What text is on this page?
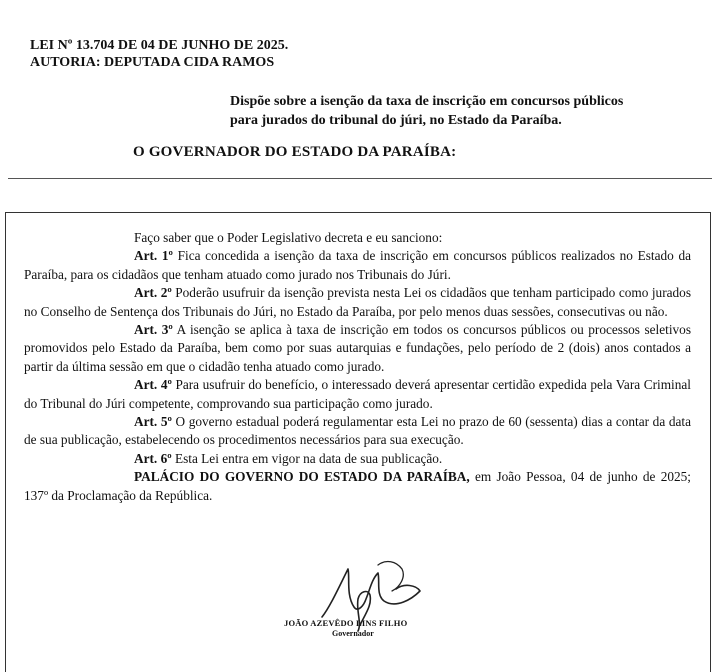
LEI Nº 13.704 DE 04 DE JUNHO DE 2025.
AUTORIA: DEPUTADA CIDA RAMOS
Dispõe sobre a isenção da taxa de inscrição em concursos públicos
para jurados do tribunal do júri, no Estado da Paraíba.
O GOVERNADOR DO ESTADO DA PARAÍBA:

Faço saber que o Poder Legislativo decreta e eu sanciono:

Art. 1º Fica concedida a isenção da taxa de inscrição em concursos públicos realizados no Estado da Paraíba, para os cidadãos que tenham atuado como jurado nos Tribunais do Júri.

Art. 2º Poderão usufruir da isenção prevista nesta Lei os cidadãos que tenham participado como jurados no Conselho de Sentença dos Tribunais do Júri, no Estado da Paraíba, por pelo menos duas sessões, consecutivas ou não.

Art. 3º A isenção se aplica à taxa de inscrição em todos os concursos públicos ou processos seletivos promovidos pelo Estado da Paraíba, bem como por suas autarquias e fundações, pelo período de 2 (dois) anos contados a partir da última sessão em que o cidadão tenha atuado como jurado.

Art. 4º Para usufruir do benefício, o interessado deverá apresentar certidão expedida pela Vara Criminal do Tribunal do Júri competente, comprovando sua participação como jurado.

Art. 5º O governo estadual poderá regulamentar esta Lei no prazo de 60 (sessenta) dias a contar da data de sua publicação, estabelecendo os procedimentos necessários para sua execução.

Art. 6º Esta Lei entra em vigor na data de sua publicação.

PALÁCIO DO GOVERNO DO ESTADO DA PARAÍBA, em João Pessoa, 04 de junho de 2025; 137º da Proclamação da República.

JOÃO AZEVÊDO LINS FILHO
Governador
